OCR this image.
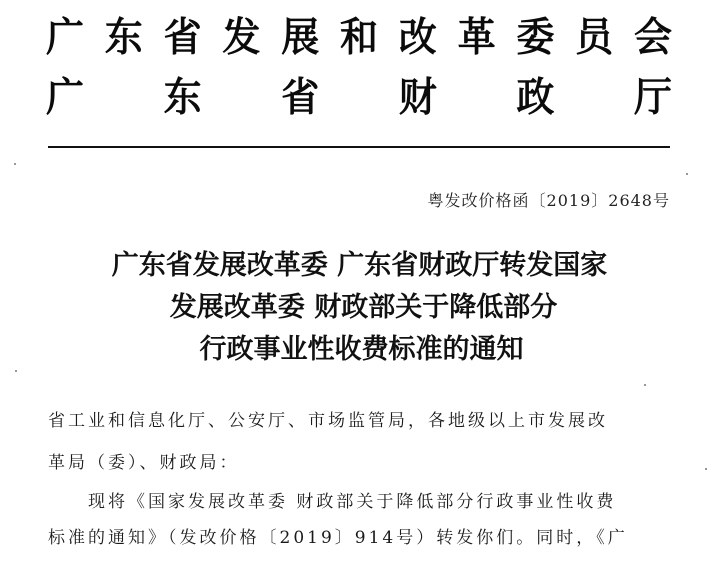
广 东 省 发 展 和 改 革 委 员 会
广 东 省 财 政 厅
粤发改价格函〔2019〕2648号
广东省发展改革委 广东省财政厅转发国家
发展改革委 财政部关于降低部分
行政事业性收费标准的通知
省工业和信息化厅、公安厅、市场监管局，各地级以上市发展改
革局（委）、财政局：
现将《国家发展改革委 财政部关于降低部分行政事业性收费
标准的通知》（发改价格〔2019〕914号）转发你们。同时，《广
